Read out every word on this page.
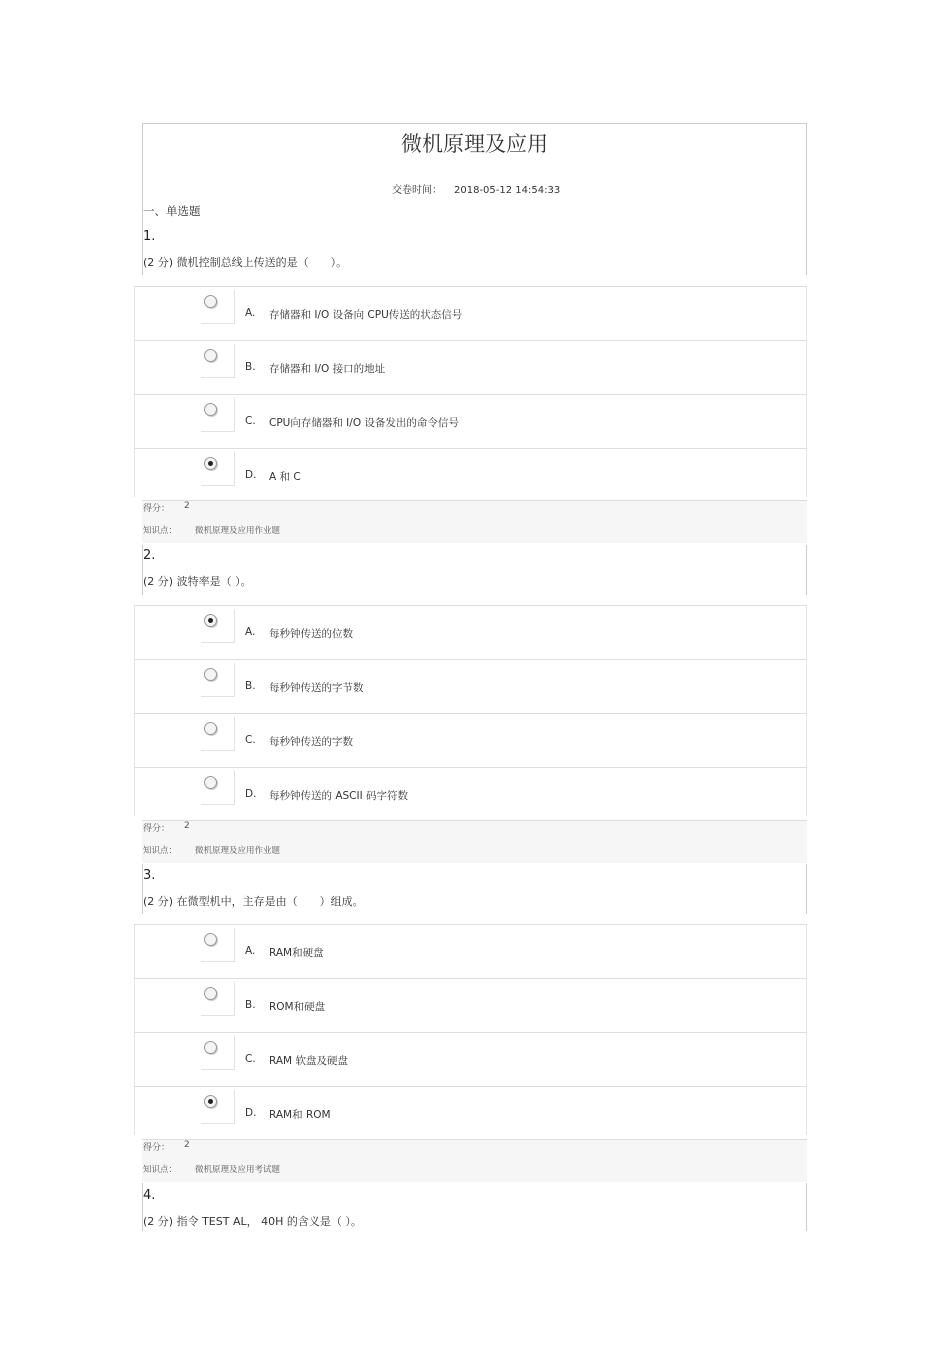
微机原理及应用
交卷时间： 2018-05-12 14:54:33
一、单选题
1.
(2 分) 微机控制总线上传送的是（　　）。
A. 存储器和 I/O 设备向 CPU传送的状态信号
B. 存储器和 I/O 接口的地址
C. CPU向存储器和 I/O 设备发出的命令信号
D. A 和 C
得分： 2
知识点： 微机原理及应用作业题
2.
(2 分) 波特率是（ ）。
A. 每秒钟传送的位数
B. 每秒钟传送的字节数
C. 每秒钟传送的字数
D. 每秒钟传送的 ASCII 码字符数
得分： 2
知识点： 微机原理及应用作业题
3.
(2 分) 在微型机中，主存是由（　　）组成。
A. RAM和硬盘
B. ROM和硬盘
C. RAM 软盘及硬盘
D. RAM和 ROM
得分： 2
知识点： 微机原理及应用考试题
4.
(2 分) 指令 TEST AL， 40H 的含义是（ ）。
